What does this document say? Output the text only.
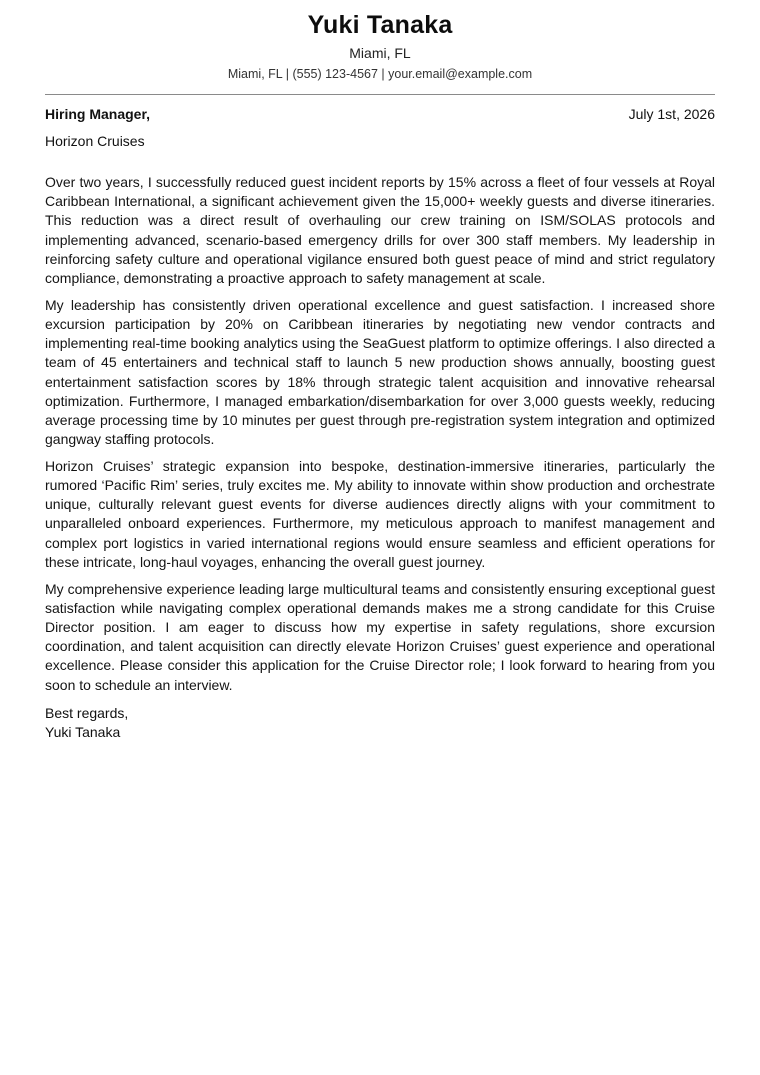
Yuki Tanaka
Miami, FL
Miami, FL | (555) 123-4567 | your.email@example.com
Hiring Manager,	July 1st, 2026
Horizon Cruises

Over two years, I successfully reduced guest incident reports by 15% across a fleet of four vessels at Royal Caribbean International, a significant achievement given the 15,000+ weekly guests and diverse itineraries. This reduction was a direct result of overhauling our crew training on ISM/SOLAS protocols and implementing advanced, scenario-based emergency drills for over 300 staff members. My leadership in reinforcing safety culture and operational vigilance ensured both guest peace of mind and strict regulatory compliance, demonstrating a proactive approach to safety management at scale.

My leadership has consistently driven operational excellence and guest satisfaction. I increased shore excursion participation by 20% on Caribbean itineraries by negotiating new vendor contracts and implementing real-time booking analytics using the SeaGuest platform to optimize offerings. I also directed a team of 45 entertainers and technical staff to launch 5 new production shows annually, boosting guest entertainment satisfaction scores by 18% through strategic talent acquisition and innovative rehearsal optimization. Furthermore, I managed embarkation/disembarkation for over 3,000 guests weekly, reducing average processing time by 10 minutes per guest through pre-registration system integration and optimized gangway staffing protocols.

Horizon Cruises’ strategic expansion into bespoke, destination-immersive itineraries, particularly the rumored ‘Pacific Rim’ series, truly excites me. My ability to innovate within show production and orchestrate unique, culturally relevant guest events for diverse audiences directly aligns with your commitment to unparalleled onboard experiences. Furthermore, my meticulous approach to manifest management and complex port logistics in varied international regions would ensure seamless and efficient operations for these intricate, long-haul voyages, enhancing the overall guest journey.

My comprehensive experience leading large multicultural teams and consistently ensuring exceptional guest satisfaction while navigating complex operational demands makes me a strong candidate for this Cruise Director position. I am eager to discuss how my expertise in safety regulations, shore excursion coordination, and talent acquisition can directly elevate Horizon Cruises’ guest experience and operational excellence. Please consider this application for the Cruise Director role; I look forward to hearing from you soon to schedule an interview.

Best regards,
Yuki Tanaka
